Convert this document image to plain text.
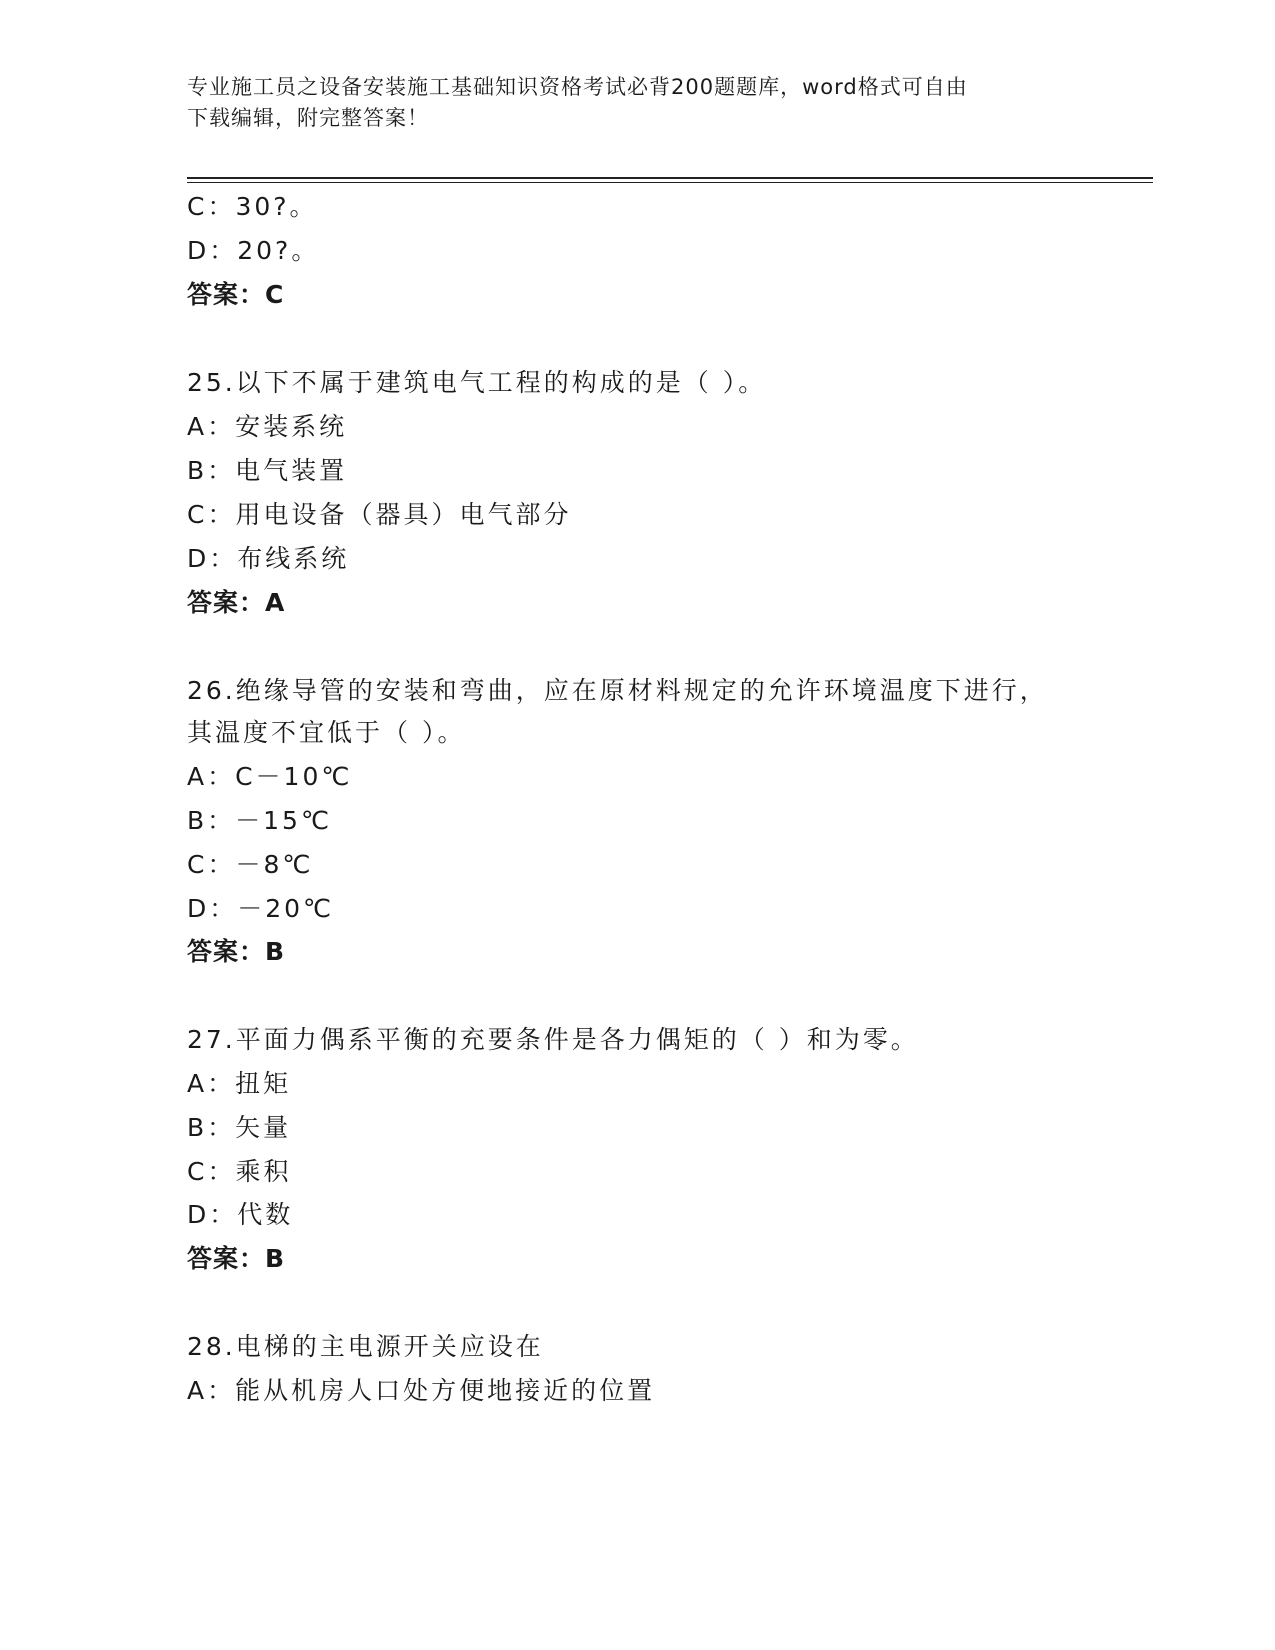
专业施工员之设备安装施工基础知识资格考试必背200题题库，word格式可自由
下载编辑，附完整答案！

C：30?。

D：20?。

答案：C

25.以下不属于建筑电气工程的构成的是（ ）。

A：安装系统

B：电气装置

C：用电设备（器具）电气部分

D：布线系统

答案：A

26.绝缘导管的安装和弯曲，应在原材料规定的允许环境温度下进行，

其温度不宜低于（ ）。

A：C－10℃

B：－15℃

C：－8℃

D：－20℃

答案：B

27.平面力偶系平衡的充要条件是各力偶矩的（ ）和为零。

A：扭矩

B：矢量

C：乘积

D：代数

答案：B

28.电梯的主电源开关应设在

A：能从机房人口处方便地接近的位置
